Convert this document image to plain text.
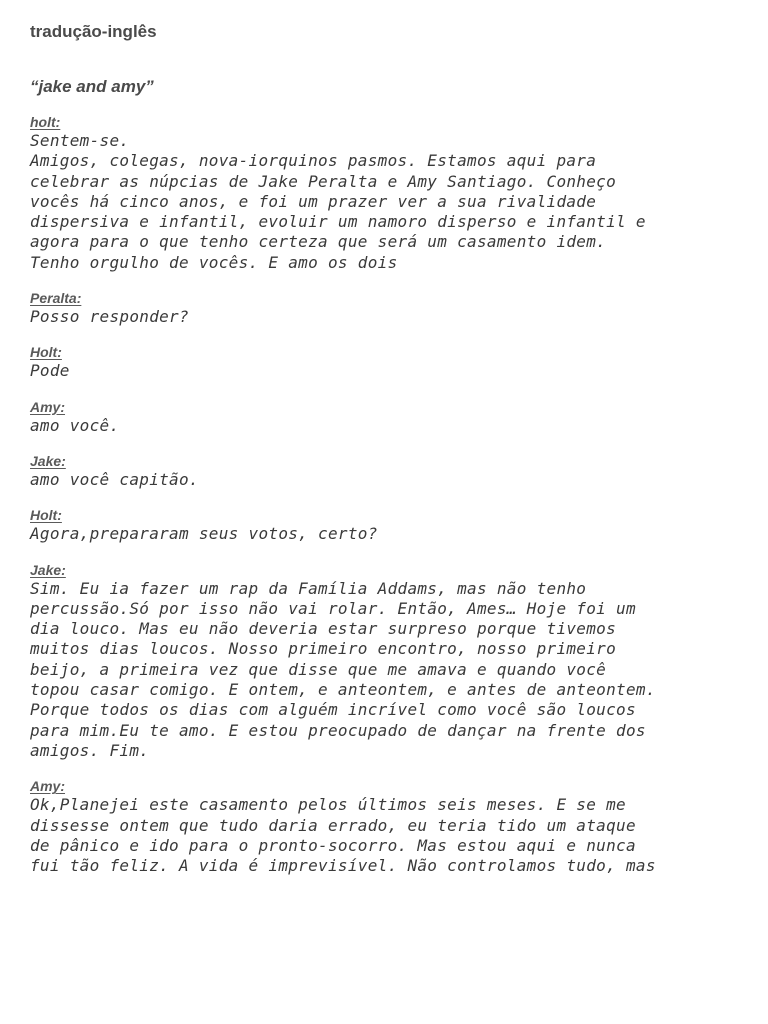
tradução-inglês
“jake and amy”
holt:
Sentem-se.
Amigos, colegas, nova-iorquinos pasmos. Estamos aqui para
celebrar as núpcias de Jake Peralta e Amy Santiago. Conheço
vocês há cinco anos, e foi um prazer ver a sua rivalidade
dispersiva e infantil, evoluir um namoro disperso e infantil e
agora para o que tenho certeza que será um casamento idem.
Tenho orgulho de vocês. E amo os dois
Peralta:
Posso responder?
Holt:
Pode
Amy:
amo você.
Jake:
amo você capitão.
Holt:
Agora,prepararam seus votos, certo?
Jake:
Sim. Eu ia fazer um rap da Família Addams, mas não tenho
percussão.Só por isso não vai rolar. Então, Ames… Hoje foi um
dia louco. Mas eu não deveria estar surpreso porque tivemos
muitos dias loucos. Nosso primeiro encontro, nosso primeiro
beijo, a primeira vez que disse que me amava e quando você
topou casar comigo. E ontem, e anteontem, e antes de anteontem.
Porque todos os dias com alguém incrível como você são loucos
para mim.Eu te amo. E estou preocupado de dançar na frente dos
amigos. Fim.
Amy:
Ok,Planejei este casamento pelos últimos seis meses. E se me
dissesse ontem que tudo daria errado, eu teria tido um ataque
de pânico e ido para o pronto-socorro. Mas estou aqui e nunca
fui tão feliz. A vida é imprevisível. Não controlamos tudo, mas
